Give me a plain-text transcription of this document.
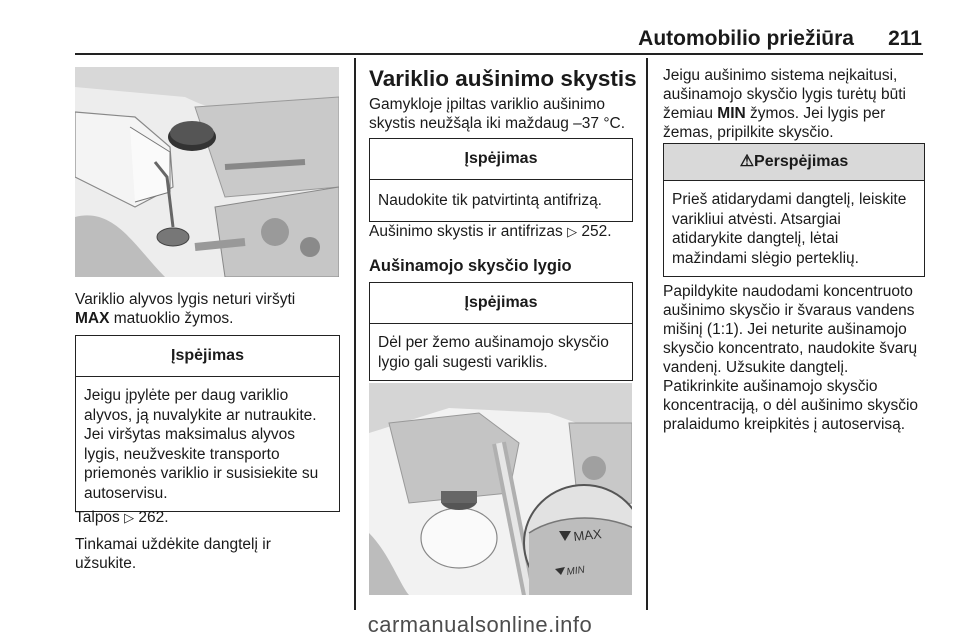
Automobilio priežiūra 211

Variklio alyvos lygis neturi viršyti

MAX matuoklio žymos.

Įspėjimas
Jeigu įpylėte per daug variklio
alyvos, ją nuvalykite ar nutraukite.
Jei viršytas maksimalus alyvos
lygis, neužveskite transporto
priemonės variklio ir susisiekite su
autoservisu.

Talpos ▷ 262.

Tinkamai uždėkite dangtelį ir

užsukite.

Variklio aušinimo skystis

Gamykloje įpiltas variklio aušinimo

skystis neužšąla iki maždaug –37 °C.

Įspėjimas
Naudokite tik patvirtintą antifrizą.

Aušinimo skystis ir antifrizas ▷ 252.

Aušinamojo skysčio lygio
Įspėjimas
Dėl per žemo aušinamojo skysčio
lygio gali sugesti variklis.
MAX
MIN

Jeigu aušinimo sistema neįkaitusi,

aušinamojo skysčio lygis turėtų būti

žemiau MIN žymos. Jei lygis per

žemas, pripilkite skysčio.

⚠Perspėjimas
Prieš atidarydami dangtelį, leiskite
varikliui atvėsti. Atsargiai
atidarykite dangtelį, lėtai
mažindami slėgio perteklių.

Papildykite naudodami koncentruoto

aušinimo skysčio ir švaraus vandens

mišinį (1:1). Jei neturite aušinamojo

skysčio koncentrato, naudokite švarų

vandenį. Užsukite dangtelį.

Patikrinkite aušinamojo skysčio

koncentraciją, o dėl aušinimo skysčio

pralaidumo kreipkitės į autoservisą.

carmanualsonline.info
